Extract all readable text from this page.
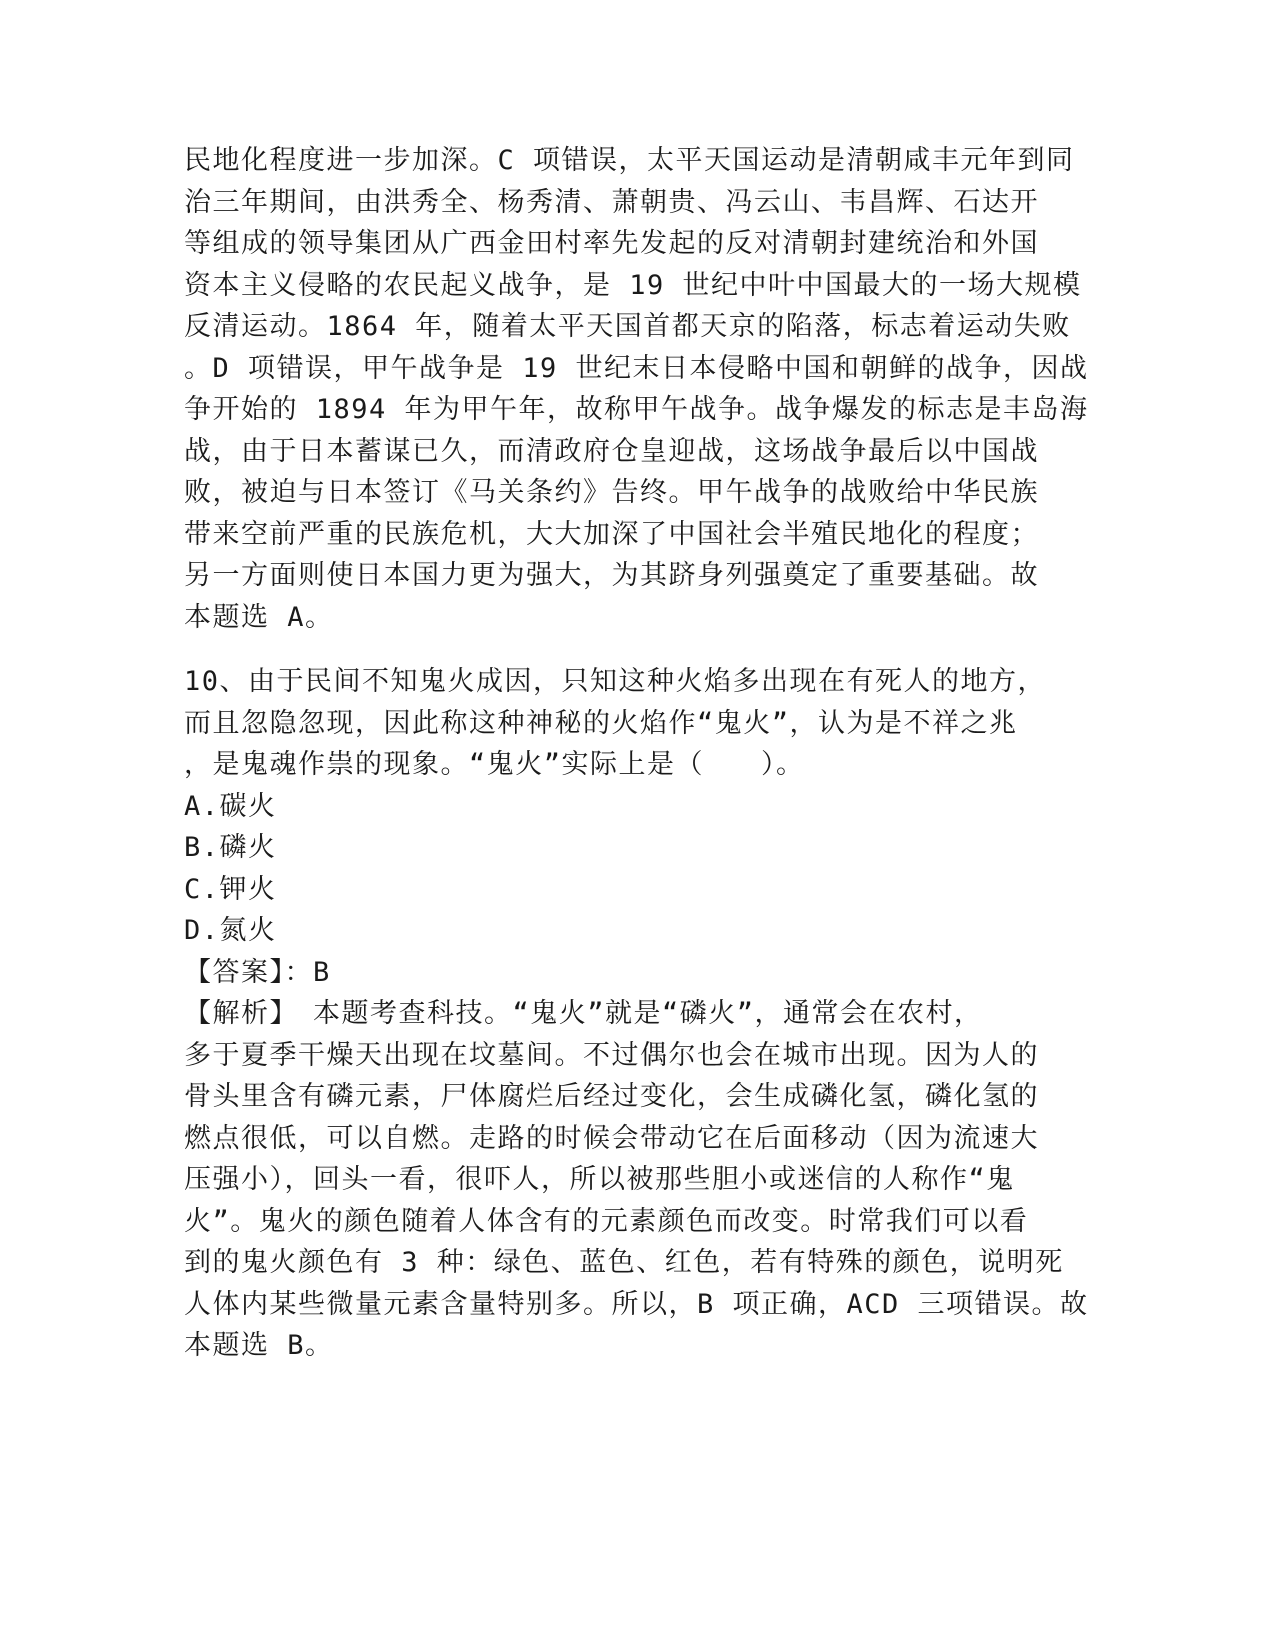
民地化程度进一步加深。C 项错误，太平天国运动是清朝咸丰元年到同
治三年期间，由洪秀全、杨秀清、萧朝贵、冯云山、韦昌辉、石达开
等组成的领导集团从广西金田村率先发起的反对清朝封建统治和外国
资本主义侵略的农民起义战争，是 19 世纪中叶中国最大的一场大规模
反清运动。1864 年，随着太平天国首都天京的陷落，标志着运动失败
。D 项错误，甲午战争是 19 世纪末日本侵略中国和朝鲜的战争，因战
争开始的 1894 年为甲午年，故称甲午战争。战争爆发的标志是丰岛海
战，由于日本蓄谋已久，而清政府仓皇迎战，这场战争最后以中国战
败，被迫与日本签订《马关条约》告终。甲午战争的战败给中华民族
带来空前严重的民族危机，大大加深了中国社会半殖民地化的程度；
另一方面则使日本国力更为强大，为其跻身列强奠定了重要基础。故
本题选 A。
10、由于民间不知鬼火成因，只知这种火焰多出现在有死人的地方，
而且忽隐忽现，因此称这种神秘的火焰作“鬼火”，认为是不祥之兆
，是鬼魂作祟的现象。“鬼火”实际上是（　　）。
A.碳火
B.磷火
C.钾火
D.氮火
【答案】：B
【解析】　本题考查科技。“鬼火”就是“磷火”，通常会在农村，
多于夏季干燥天出现在坟墓间。不过偶尔也会在城市出现。因为人的
骨头里含有磷元素，尸体腐烂后经过变化，会生成磷化氢，磷化氢的
燃点很低，可以自燃。走路的时候会带动它在后面移动（因为流速大
压强小），回头一看，很吓人，所以被那些胆小或迷信的人称作“鬼
火”。鬼火的颜色随着人体含有的元素颜色而改变。时常我们可以看
到的鬼火颜色有 3 种：绿色、蓝色、红色，若有特殊的颜色，说明死
人体内某些微量元素含量特别多。所以，B 项正确，ACD 三项错误。故
本题选 B。
